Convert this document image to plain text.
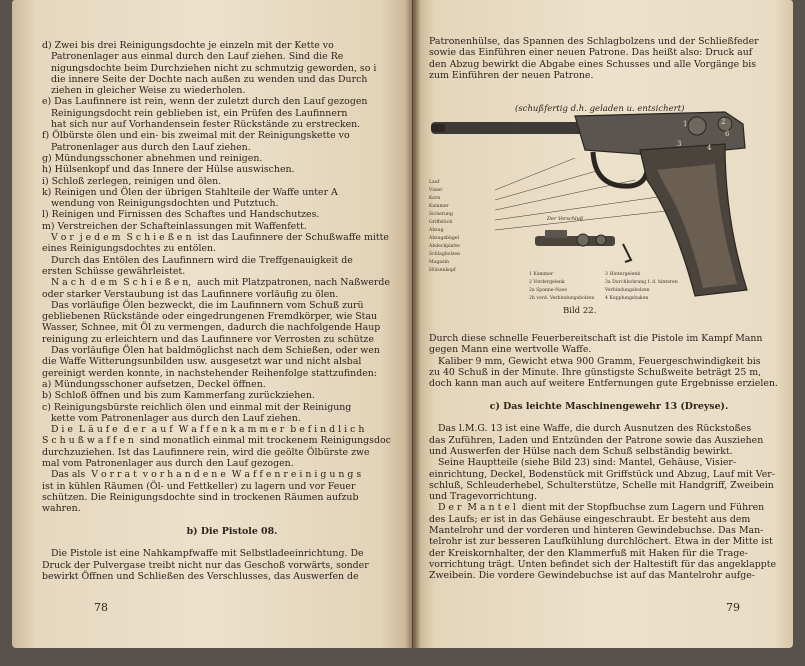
d) Zwei bis drei Reinigungsdochte je einzeln mit der Kette vo
Patronenlager aus einmal durch den Lauf ziehen. Sind die Re
nigungsdochte beim Durchziehen nicht zu schmutzig geworden, so i
die innere Seite der Dochte nach außen zu wenden und das Durch
ziehen in gleicher Weise zu wiederholen.
e) Das Laufinnere ist rein, wenn der zuletzt durch den Lauf gezogen
Reinigungsdocht rein geblieben ist, ein Prüfen des Laufinnern
hat sich nur auf Vorhandensein fester Rückstände zu erstrecken.
f) Ölbürste ölen und ein- bis zweimal mit der Reinigungskette vo
Patronenlager aus durch den Lauf ziehen.
g) Mündungsschoner abnehmen und reinigen.
h) Hülsenkopf und das Innere der Hülse auswischen.
i) Schloß zerlegen, reinigen und ölen.
k) Reinigen und Ölen der übrigen Stahlteile der Waffe unter A
wendung von Reinigungsdochten und Putztuch.
l) Reinigen und Firnissen des Schaftes und Handschutzes.
m) Verstreichen der Schafteinlassungen mit Waffenfett.
V o r  j e d e m  S c h i e ß e n  ist das Laufinnere der Schußwaffe mitte
eines Reinigungsdochtes zu entölen.
Durch das Entölen des Laufinnern wird die Treffgenauigkeit de
ersten Schüsse gewährleistet.
N a c h  d e m  S c h i e ß e n,  auch mit Platzpatronen, nach Naßwerde
oder starker Verstaubung ist das Laufinnere vorläufig zu ölen.
Das vorläufige Ölen bezweckt, die im Laufinnern vom Schuß zurü
gebliebenen Rückstände oder eingedrungenen Fremdkörper, wie Stau
Wasser, Schnee, mit Öl zu vermengen, dadurch die nachfolgende Haup
reinigung zu erleichtern und das Laufinnere vor Verrosten zu schütze
Das vorläufige Ölen hat baldmöglichst nach dem Schießen, oder wen
die Waffe Witterungsunbilden usw. ausgesetzt war und nicht alsbal
gereinigt werden konnte, in nachstehender Reihenfolge stattzufinden:
a) Mündungsschoner aufsetzen, Deckel öffnen.
b) Schloß öffnen und bis zum Kammerfang zurückziehen.
c) Reinigungsbürste reichlich ölen und einmal mit der Reinigung
kette vom Patronenlager aus durch den Lauf ziehen.
D i e  L ä u f e  d e r  a u f  W a f f e n k a m m e r  b e f i n d l i c h
S c h u ß w a f f e n  sind monatlich einmal mit trockenem Reinigungsdoc
durchzuziehen. Ist das Laufinnere rein, wird die geölte Ölbürste zwe
mal vom Patronenlager aus durch den Lauf gezogen.
Das als  V o r r a t  v o r h a n d e n e  W a f f e n r e i n i g u n g s
ist in kühlen Räumen (Öl- und Fettkeller) zu lagern und vor Feuer
schützen. Die Reinigungsdochte sind in trockenen Räumen aufzub
wahren.
b) Die Pistole 08.
Die Pistole ist eine Nahkampfwaffe mit Selbstladeeinrichtung. De
Druck der Pulvergase treibt nicht nur das Geschoß vorwärts, sonder
bewirkt Öffnen und Schließen des Verschlusses, das Auswerfen de
78
Patronenhülse, das Spannen des Schlagbolzens und der Schließfeder
sowie das Einführen einer neuen Patrone. Das heißt also: Druck auf
den Abzug bewirkt die Abgabe eines Schusses und alle Vorgänge bis
zum Einführen der neuen Patrone.
(schußfertig d.h. geladen u. entsichert)
Der Verschluß
Lauf
Visier
Korn
Kammer
Sicherung
Griffstück
Abzug
Abzugsbügel
Abdeckplatte
Schlagbolzen
Magazin
Hülsenkopf
1 Kammer
2 Vordergelenk
2a Spanne-Nase
2b vord. Verbindungsbolzen
3 Hintergelenk
3a Durchbohrung f. d. hinteren
Verbindungsbolzen
4 Kupplungshaken
1	2
3	4
5
6
9
9a
Bild 22.
Durch diese schnelle Feuerbereitschaft ist die Pistole im Kampf Mann
gegen Mann eine wertvolle Waffe.
Kaliber 9 mm, Gewicht etwa 900 Gramm, Feuergeschwindigkeit bis
zu 40 Schuß in der Minute. Ihre günstigste Schußweite beträgt 25 m,
doch kann man auch auf weitere Entfernungen gute Ergebnisse erzielen.
c) Das leichte Maschinengewehr 13 (Dreyse).
Das l.M.G. 13 ist eine Waffe, die durch Ausnutzen des Rückstoßes
das Zuführen, Laden und Entzünden der Patrone sowie das Ausziehen
und Auswerfen der Hülse nach dem Schuß selbständig bewirkt.
Seine Hauptteile (siehe Bild 23) sind: Mantel, Gehäuse, Visier-
einrichtung, Deckel, Bodenstück mit Griffstück und Abzug, Lauf mit Ver-
schluß, Schleuderhebel, Schulterstütze, Schelle mit Handgriff, Zweibein
und Tragevorrichtung.
D e r  M a n t e l  dient mit der Stopfbuchse zum Lagern und Führen
des Laufs; er ist in das Gehäuse eingeschraubt. Er besteht aus dem
Mantelrohr und der vorderen und hinteren Gewindebuchse. Das Man-
telrohr ist zur besseren Laufkühlung durchlöchert. Etwa in der Mitte ist
der Kreiskornhalter, der den Klammerfuß mit Haken für die Trage-
vorrichtung trägt. Unten befindet sich der Haltestift für das angeklappte
Zweibein. Die vordere Gewindebuchse ist auf das Mantelrohr aufge-
79
